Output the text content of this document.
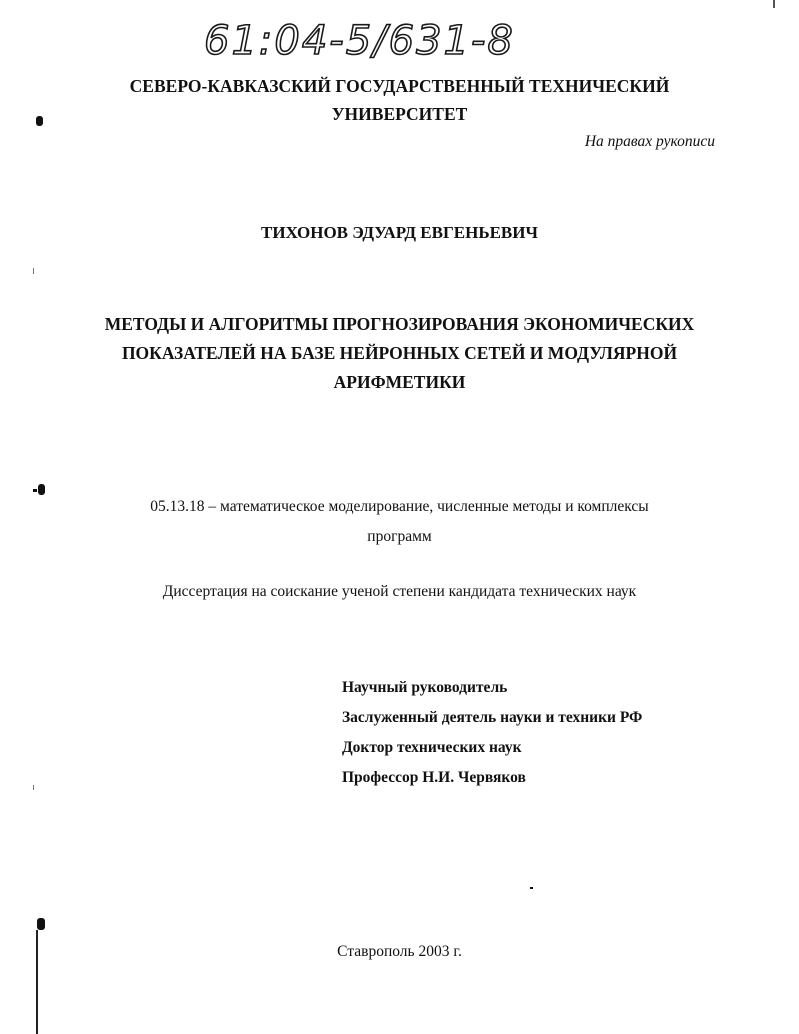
61:04-5/631-8
СЕВЕРО-КАВКАЗСКИЙ ГОСУДАРСТВЕННЫЙ ТЕХНИЧЕСКИЙ
УНИВЕРСИТЕТ
На правах рукописи
ТИХОНОВ ЭДУАРД ЕВГЕНЬЕВИЧ
МЕТОДЫ И АЛГОРИТМЫ ПРОГНОЗИРОВАНИЯ ЭКОНОМИЧЕСКИХ
ПОКАЗАТЕЛЕЙ НА БАЗЕ НЕЙРОННЫХ СЕТЕЙ И МОДУЛЯРНОЙ
АРИФМЕТИКИ
05.13.18 – математическое моделирование, численные методы и комплексы
программ
Диссертация на соискание ученой степени кандидата технических наук
Научный руководитель
Заслуженный деятель науки и техники РФ
Доктор технических наук
Профессор Н.И. Червяков
Ставрополь 2003 г.
